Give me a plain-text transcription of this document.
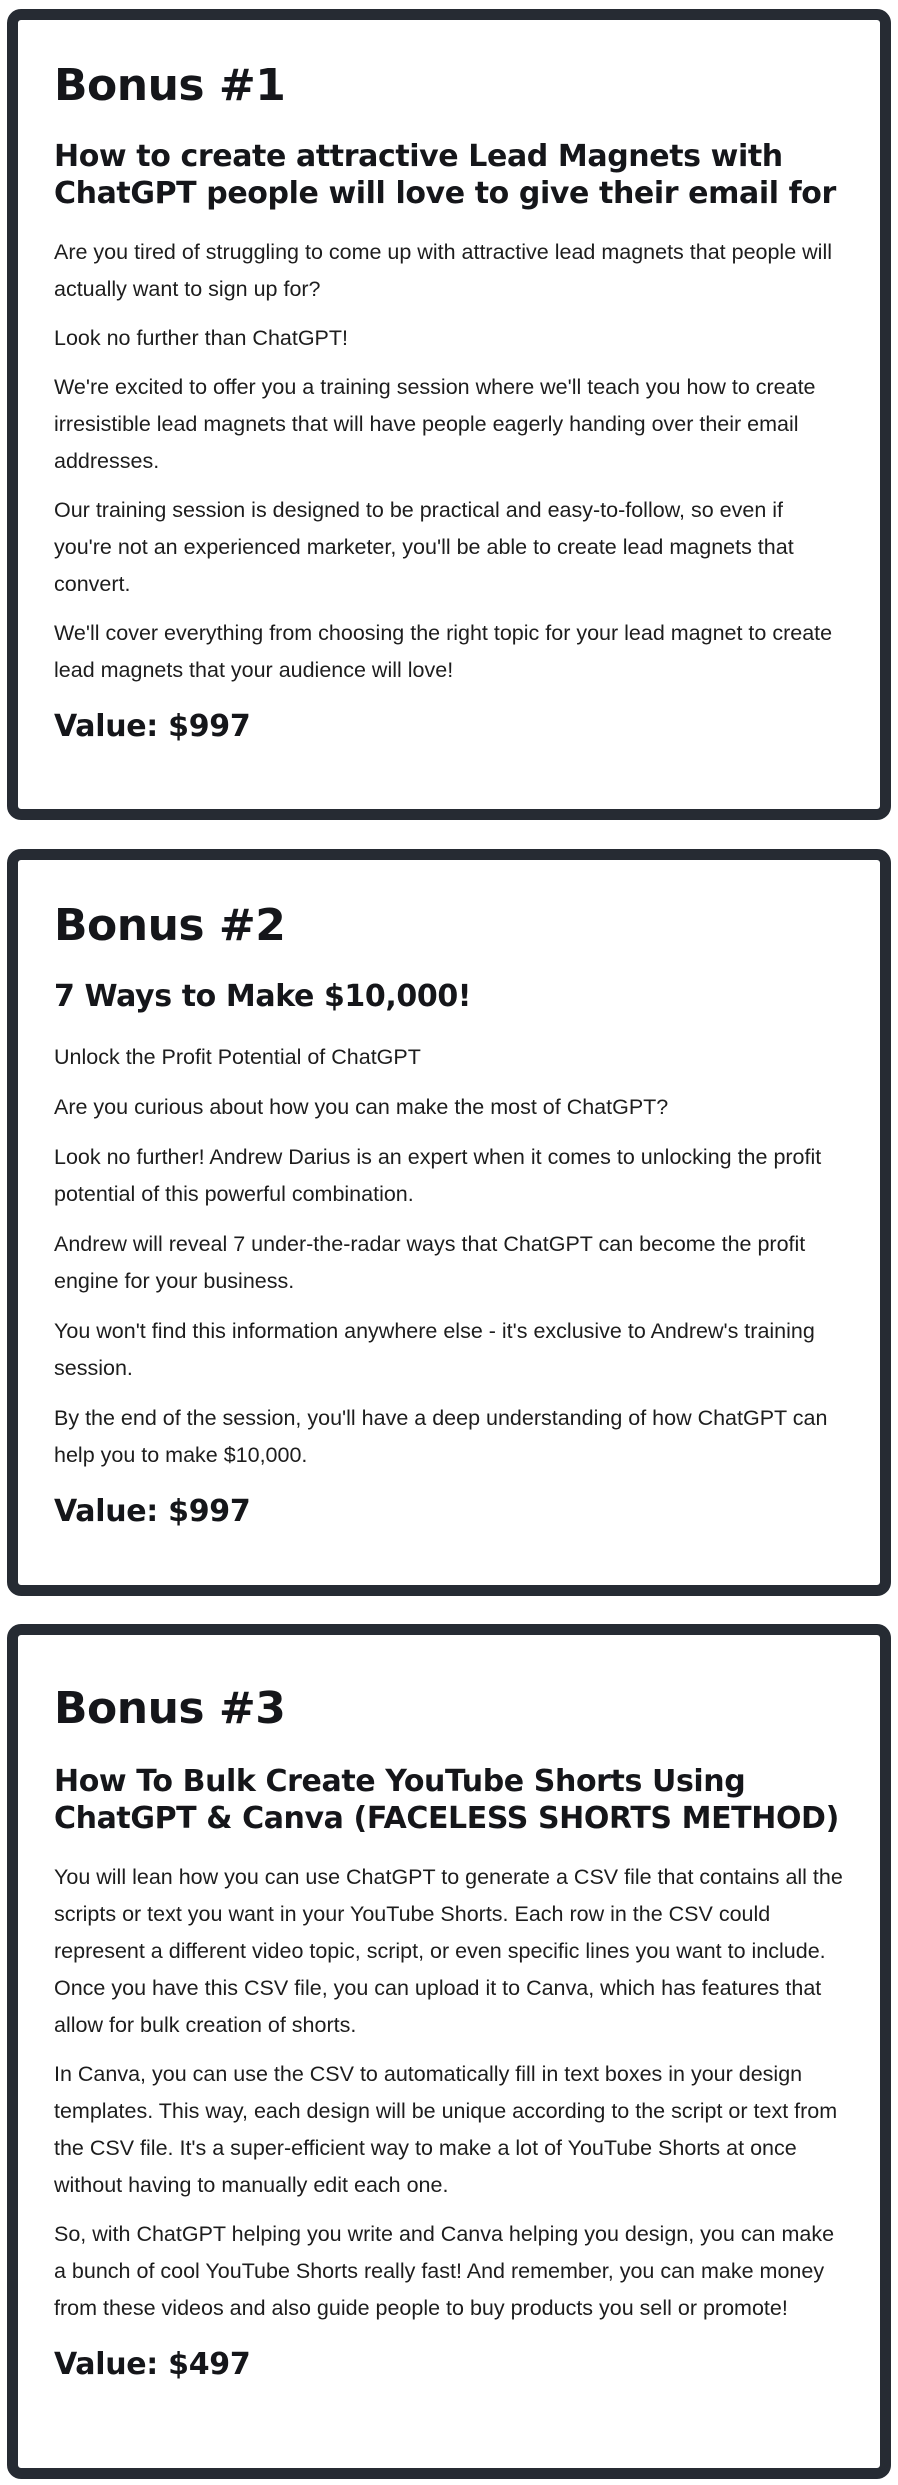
Bonus #1
How to create attractive Lead Magnets with ChatGPT people will love to give their email for

Are you tired of struggling to come up with attractive lead magnets that people will actually want to sign up for?

Look no further than ChatGPT!

We're excited to offer you a training session where we'll teach you how to create irresistible lead magnets that will have people eagerly handing over their email addresses.

Our training session is designed to be practical and easy-to-follow, so even if you're not an experienced marketer, you'll be able to create lead magnets that convert.

We'll cover everything from choosing the right topic for your lead magnet to create lead magnets that your audience will love!

Value: $997
Bonus #2
7 Ways to Make $10,000!

Unlock the Profit Potential of ChatGPT

Are you curious about how you can make the most of ChatGPT?

Look no further! Andrew Darius is an expert when it comes to unlocking the profit potential of this powerful combination.

Andrew will reveal 7 under-the-radar ways that ChatGPT can become the profit engine for your business.

You won't find this information anywhere else - it's exclusive to Andrew's training session.

By the end of the session, you'll have a deep understanding of how ChatGPT can help you to make $10,000.

Value: $997
Bonus #3
How To Bulk Create YouTube Shorts Using ChatGPT & Canva (FACELESS SHORTS METHOD)

You will lean how you can use ChatGPT to generate a CSV file that contains all the scripts or text you want in your YouTube Shorts. Each row in the CSV could represent a different video topic, script, or even specific lines you want to include. Once you have this CSV file, you can upload it to Canva, which has features that allow for bulk creation of shorts.

In Canva, you can use the CSV to automatically fill in text boxes in your design templates. This way, each design will be unique according to the script or text from the CSV file. It's a super-efficient way to make a lot of YouTube Shorts at once without having to manually edit each one.

So, with ChatGPT helping you write and Canva helping you design, you can make a bunch of cool YouTube Shorts really fast! And remember, you can make money from these videos and also guide people to buy products you sell or promote!

Value: $497
